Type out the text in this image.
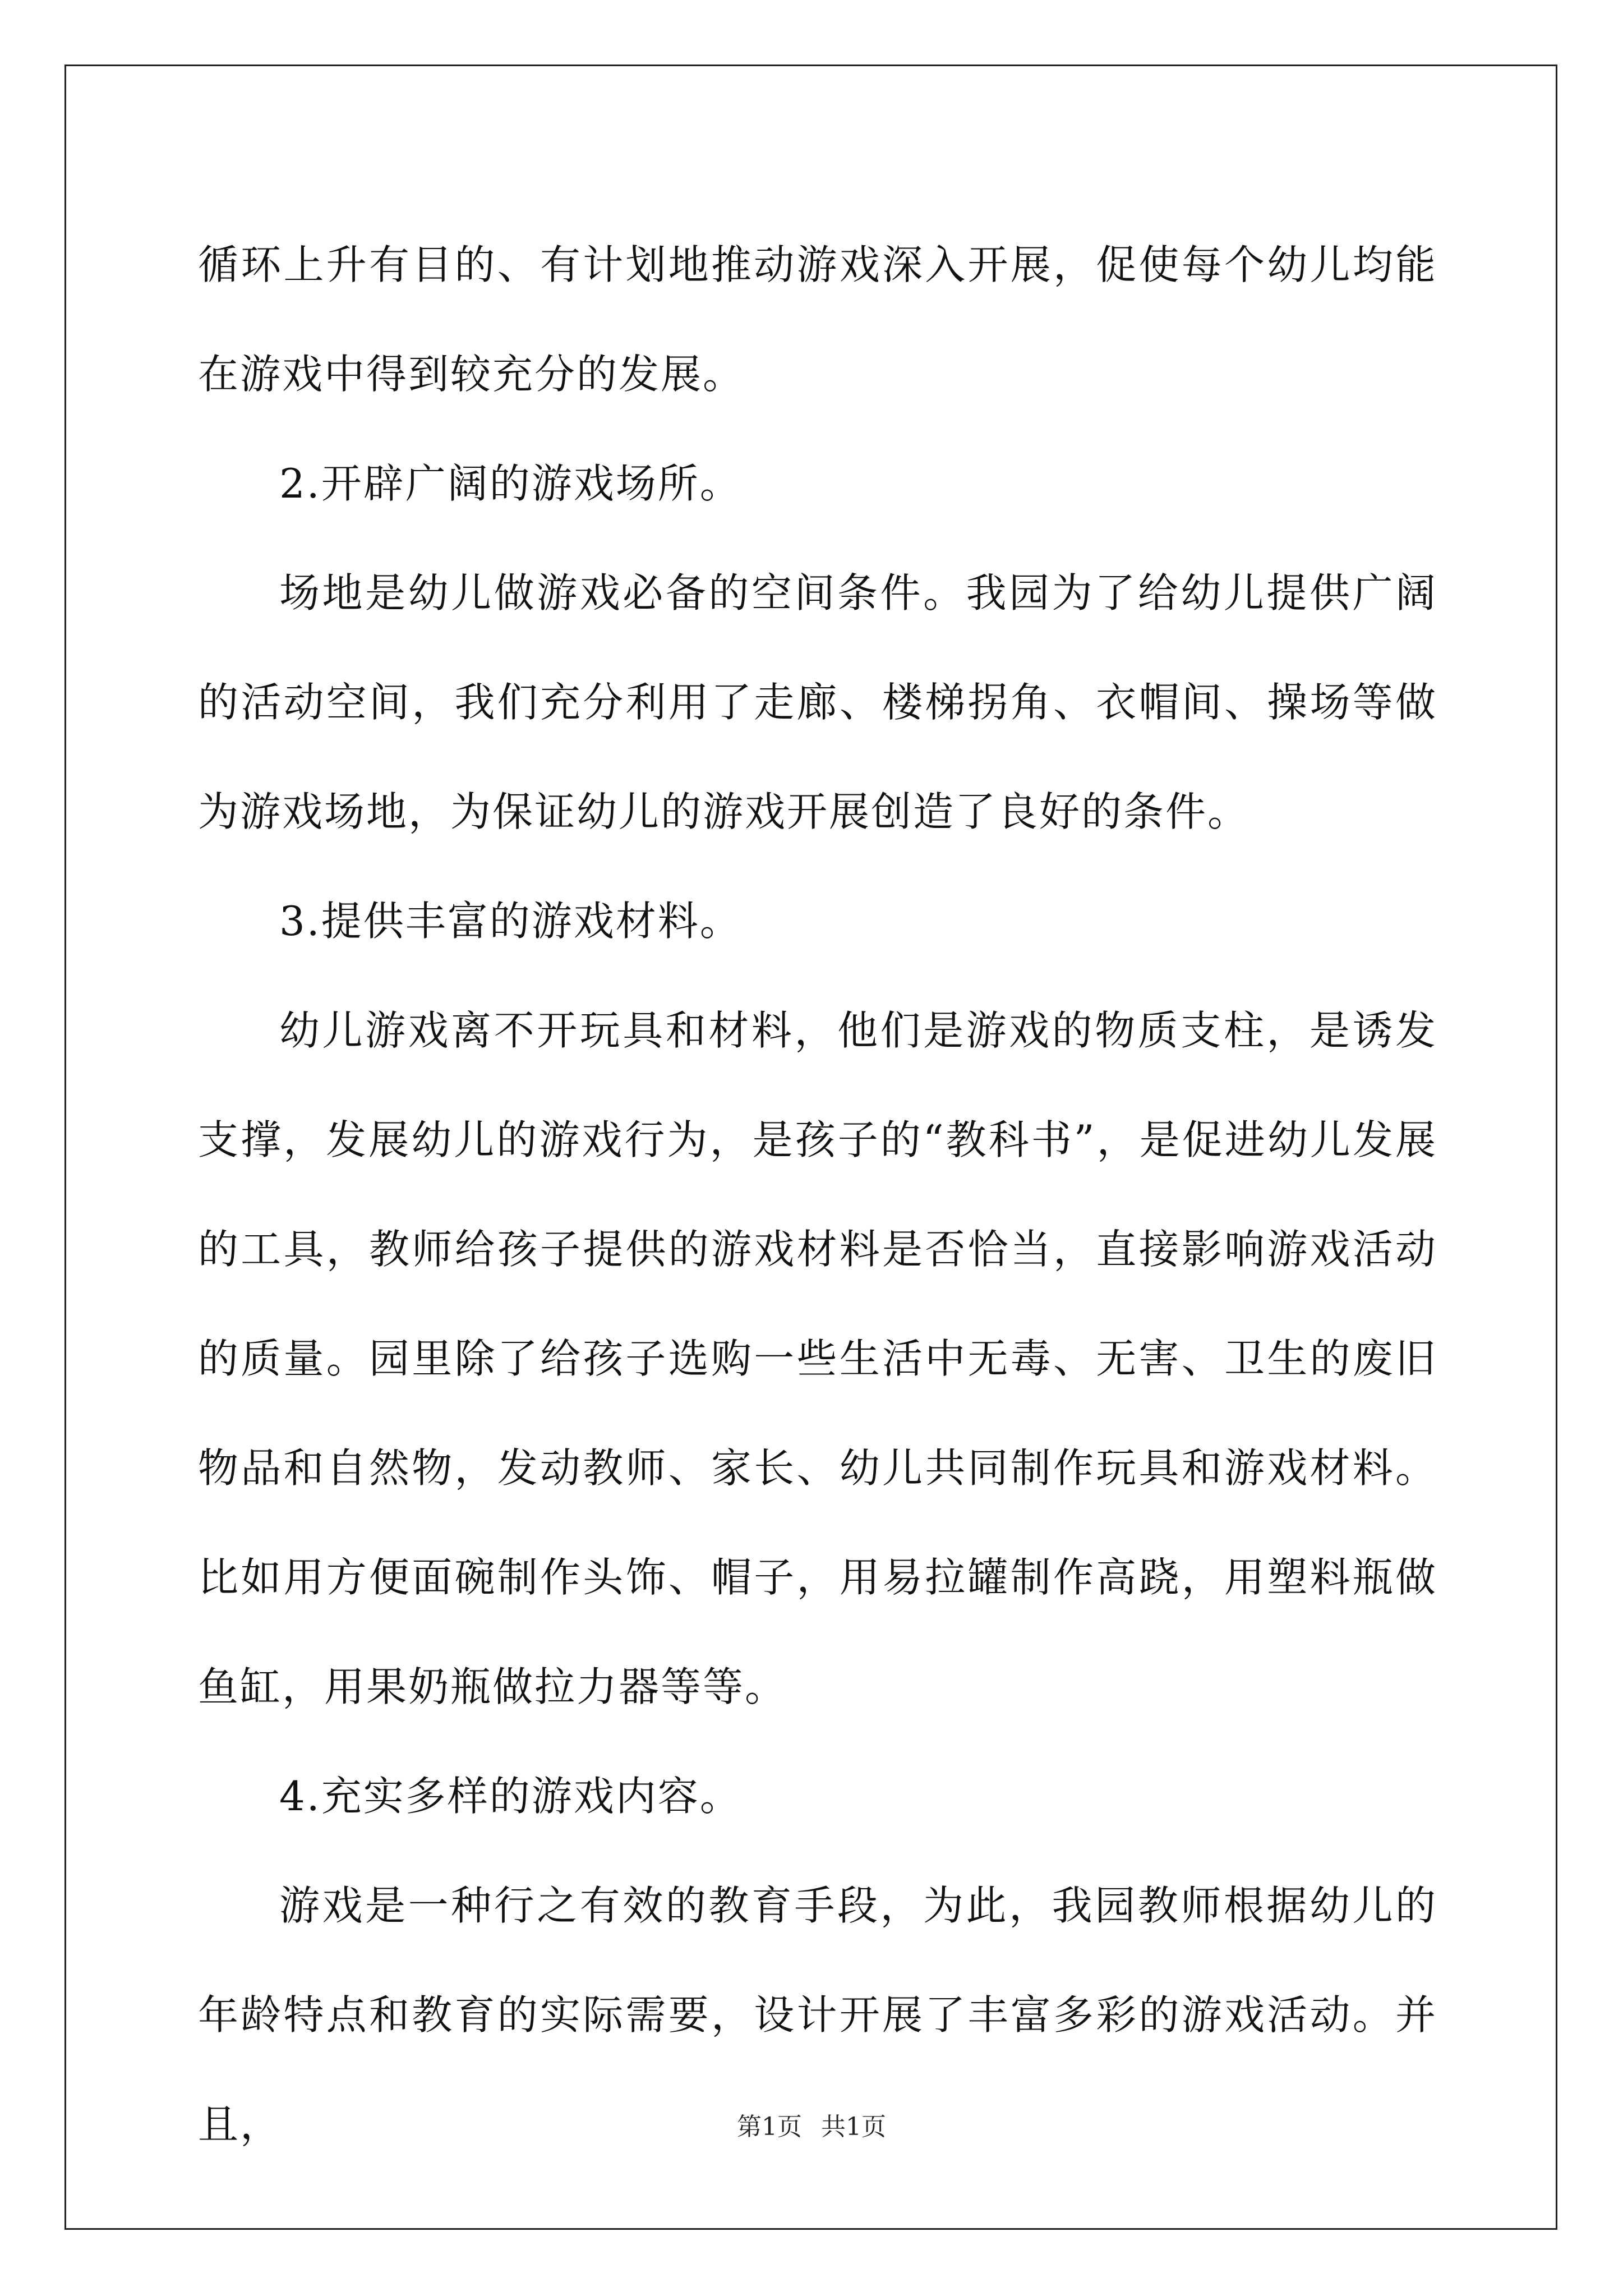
循环上升有目的、有计划地推动游戏深入开展，促使每个幼儿均能在游戏中得到较充分的发展。

2.开辟广阔的游戏场所。

场地是幼儿做游戏必备的空间条件。我园为了给幼儿提供广阔的活动空间，我们充分利用了走廊、楼梯拐角、衣帽间、操场等做为游戏场地，为保证幼儿的游戏开展创造了良好的条件。

3.提供丰富的游戏材料。

幼儿游戏离不开玩具和材料，他们是游戏的物质支柱，是诱发支撑，发展幼儿的游戏行为，是孩子的“教科书”，是促进幼儿发展的工具，教师给孩子提供的游戏材料是否恰当，直接影响游戏活动的质量。园里除了给孩子选购一些生活中无毒、无害、卫生的废旧物品和自然物，发动教师、家长、幼儿共同制作玩具和游戏材料。比如用方便面碗制作头饰、帽子，用易拉罐制作高跷，用塑料瓶做鱼缸，用果奶瓶做拉力器等等。

4.充实多样的游戏内容。

游戏是一种行之有效的教育手段，为此，我园教师根据幼儿的年龄特点和教育的实际需要，设计开展了丰富多彩的游戏活动。并且，	第1页 共1页
